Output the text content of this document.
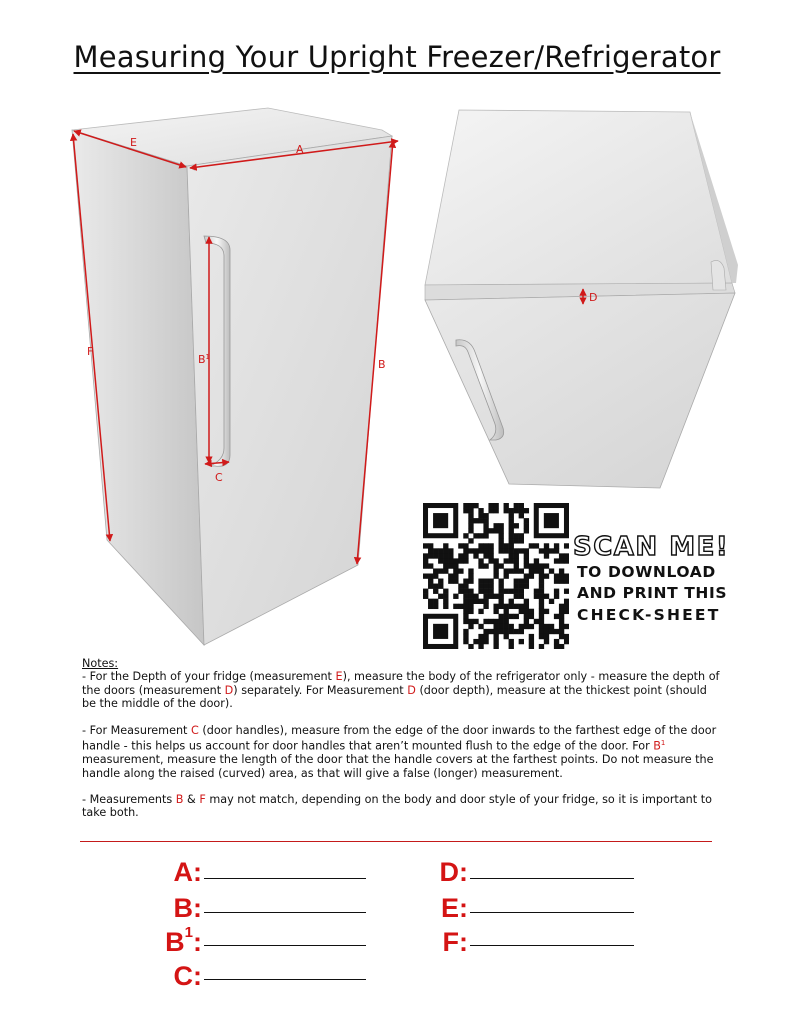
Measuring Your Upright Freezer/Refrigerator
E
A
F
B
$B^1$
C
D
SCAN ME!
TO DOWNLOAD
AND PRINT THIS
CHECK-SHEET

Notes:

- For the Depth of your fridge (measurement E), measure the body of the refrigerator only - measure the depth of the doors (measurement D) separately. For Measurement D (door depth), measure at the thickest point (should be the middle of the door).

- For Measurement C (door handles), measure from the edge of the door inwards to the farthest edge of the door handle - this helps us account for door handles that aren’t mounted flush to the edge of the door. For $B^1$ measurement, measure the length of the door that the handle covers at the farthest points. Do not measure the handle along the raised (curved) area, as that will give a false (longer) measurement.

- Measurements B & F may not match, depending on the body and door style of your fridge, so it is important to take both.

A:
B:
$B^1$:
C:
D:
E:
F:
